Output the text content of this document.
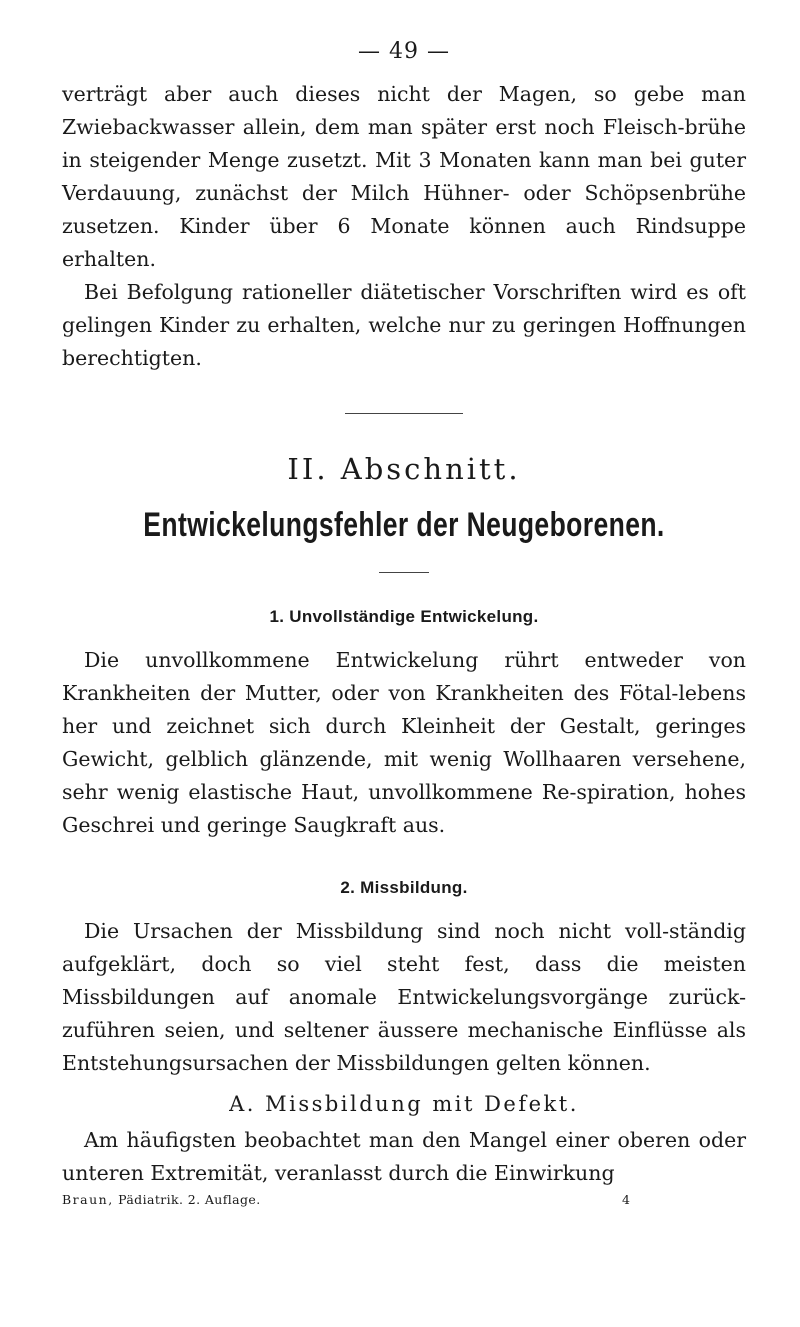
— 49 —

verträgt aber auch dieses nicht der Magen, so gebe man Zwiebackwasser allein, dem man später erst noch Fleisch-brühe in steigender Menge zusetzt. Mit 3 Monaten kann man bei guter Verdauung, zunächst der Milch Hühner- oder Schöpsenbrühe zusetzen. Kinder über 6 Monate können auch Rindsuppe erhalten.

Bei Befolgung rationeller diätetischer Vorschriften wird es oft gelingen Kinder zu erhalten, welche nur zu geringen Hoffnungen berechtigten.

II. Abschnitt.
Entwickelungsfehler der Neugeborenen.
1. Unvollständige Entwickelung.

Die unvollkommene Entwickelung rührt entweder von Krankheiten der Mutter, oder von Krankheiten des Fötal-lebens her und zeichnet sich durch Kleinheit der Gestalt, geringes Gewicht, gelblich glänzende, mit wenig Wollhaaren versehene, sehr wenig elastische Haut, unvollkommene Re-spiration, hohes Geschrei und geringe Saugkraft aus.

2. Missbildung.

Die Ursachen der Missbildung sind noch nicht voll-ständig aufgeklärt, doch so viel steht fest, dass die meisten Missbildungen auf anomale Entwickelungsvorgänge zurück-zuführen seien, und seltener äussere mechanische Einflüsse als Entstehungsursachen der Missbildungen gelten können.

A. Missbildung mit Defekt.

Am häufigsten beobachtet man den Mangel einer oberen oder unteren Extremität, veranlasst durch die Einwirkung

Braun, Pädiatrik. 2. Auflage.	4
